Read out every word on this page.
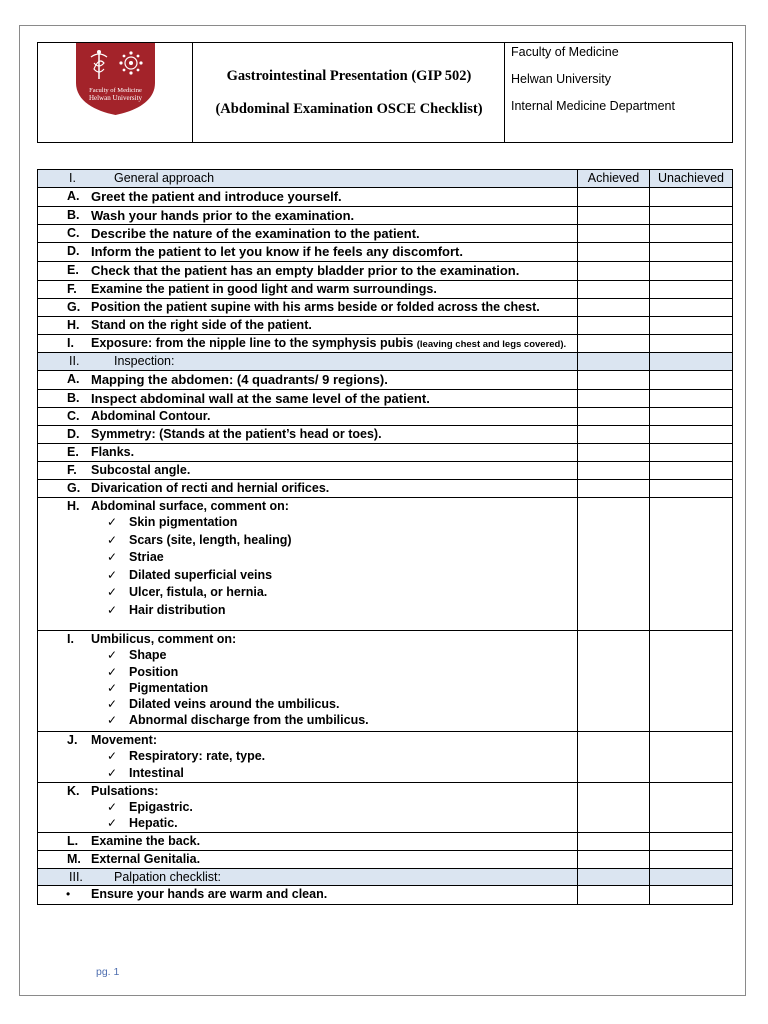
Faculty of Medicine
Helwan University
Gastrointestinal Presentation (GIP 502)
(Abdominal Examination OSCE Checklist)
Faculty of Medicine
Helwan University
Internal Medicine Department
I.	General approach	Achieved	Unachieved
A. Greet the patient and introduce yourself.
B. Wash your hands prior to the examination.
C. Describe the nature of the examination to the patient.
D. Inform the patient to let you know if he feels any discomfort.
E. Check that the patient has an empty bladder prior to the examination.
F. Examine the patient in good light and warm surroundings.
G. Position the patient supine with his arms beside or folded across the chest.
H. Stand on the right side of the patient.
I. Exposure: from the nipple line to the symphysis pubis (leaving chest and legs covered).
II.	Inspection:
A. Mapping the abdomen: (4 quadrants/ 9 regions).
B. Inspect abdominal wall at the same level of the patient.
C. Abdominal Contour.
D. Symmetry: (Stands at the patient’s head or toes).
E. Flanks.
F. Subcostal angle.
G. Divarication of recti and hernial orifices.
H. Abdominal surface, comment on:
✓ Skin pigmentation
✓ Scars (site, length, healing)
✓ Striae
✓ Dilated superficial veins
✓ Ulcer, fistula, or hernia.
✓ Hair distribution
I. Umbilicus, comment on:
✓ Shape
✓ Position
✓ Pigmentation
✓ Dilated veins around the umbilicus.
✓ Abnormal discharge from the umbilicus.
J. Movement:
✓ Respiratory: rate, type.
✓ Intestinal
K. Pulsations:
✓ Epigastric.
✓ Hepatic.
L. Examine the back.
M. External Genitalia.
III. Palpation checklist:
• Ensure your hands are warm and clean.
pg. 1
